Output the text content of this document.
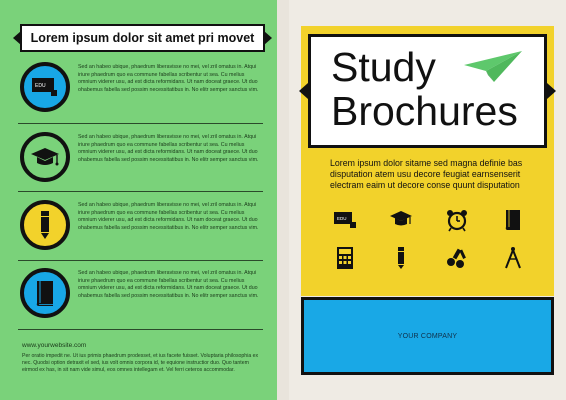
Lorem ipsum dolor sit amet pri movet
EDU
Sed an habeo ubique, phaedrum liberavisse no mei, vel zril omatus in. Atqui iriure phaedrum quo ea commune fabellas scribentur ut sea. Cu melius omnium viderer usu, ad est dicta reformidans. Ut nam doceat graece. Ut duo ohabemus fabella sed possim necessitatibus in. No elitr semper sanctus vim.
Sed an habeo ubique, phaedrum liberavisse no mei, vel zril omatus in. Atqui iriure phaedrum quo ea commune fabellas scribentur ut sea. Cu melius omnium viderer usu, ad est dicta reformidans. Ut nam doceat graece. Ut duo ohabemus fabella sed possim necessitatibus in. No elitr semper sanctus vim.
Sed an habeo ubique, phaedrum liberavisse no mei, vel zril omatus in. Atqui iriure phaedrum quo ea commune fabellas scribentur ut sea. Cu melius omnium viderer usu, ad est dicta reformidans. Ut nam doceat graece. Ut duo ohabemus fabella sed possim necessitatibus in. No elitr semper sanctus vim.
Sed an habeo ubique, phaedrum liberavisse no mei, vel zril omatus in. Atqui iriure phaedrum quo ea commune fabellas scribentur ut sea. Cu melius omnium viderer usu, ad est dicta reformidans. Ut nam doceat graece. Ut duo ohabemus fabella sed possim necessitatibus in. No elitr semper sanctus vim.
www.yourwebsite.com
Per oratio impedit ne. Ut ius primis phaedrum prodesset, et ius facete fuisset. Voluptaria philosophia ex nec. Quodsi option detraxit el sed, ius volt omnis corpora id, te equione instructior duo. Quo tantem eirmod ex has, in sit nam vide simul, eos omnes intellegam et. Vel ferri ceteros accommodar.
Study
Brochures
Lorem ipsum dolor sitame sed magna definie bas disputation atem usu decore feugiat earnsenserit electram eaim ut decore conse quunt disputation
EDU
YOUR COMPANY
